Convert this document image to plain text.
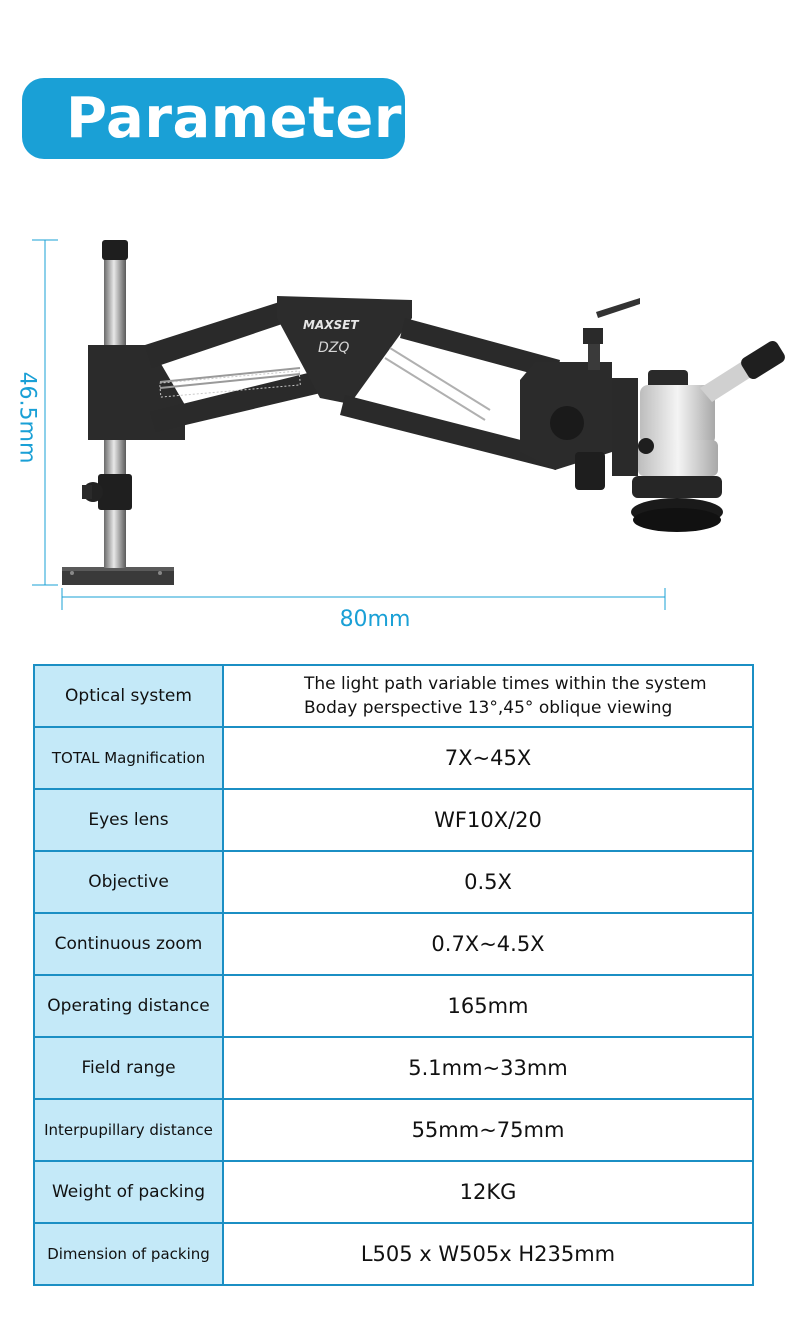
Parameter
MAXSET
DZQ
46.5mm
80mm
Optical system	The light path variable times within the system
Boday perspective 13°,45° oblique viewing

TOTAL Magnification	7X~45X
Eyes lens	WF10X/20
Objective	0.5X
Continuous zoom	0.7X~4.5X
Operating distance	165mm
Field range	5.1mm~33mm
Interpupillary distance	55mm~75mm
Weight of packing	12KG
Dimension of packing	L505 x W505x H235mm
